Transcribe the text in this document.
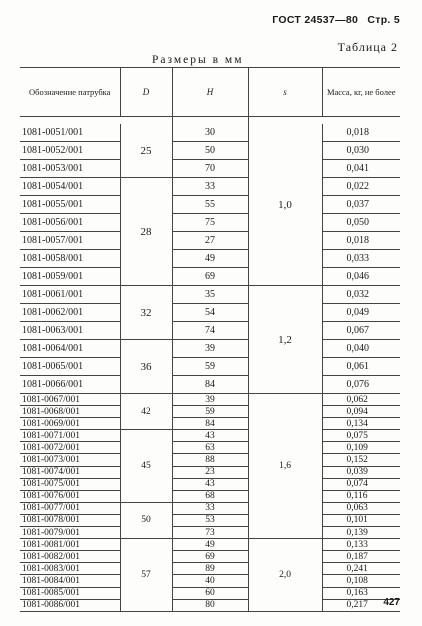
ГОСТ 24537—80 Стр. 5
Таблица 2
Размеры в мм
Обозначение патрубка	D	H	s	Масса, кг, не более

1081-0051/001	25	30	1,0	0,018
1081-0052/001		50		0,030
1081-0053/001		70		0,041
1081-0054/001	28	33		0,022
1081-0055/001		55		0,037
1081-0056/001		75		0,050
1081-0057/001		27		0,018
1081-0058/001		49		0,033
1081-0059/001		69		0,046
1081-0061/001	32	35	1,2	0,032
1081-0062/001		54		0,049
1081-0063/001		74		0,067
1081-0064/001	36	39		0,040
1081-0065/001		59		0,061
1081-0066/001		84		0,076
1081-0067/001	42	39	1,6	0,062
1081-0068/001		59		0,094
1081-0069/001		84		0,134
1081-0071/001	45	43		0,075
1081-0072/001		63		0,109
1081-0073/001		88		0,152
1081-0074/001		23		0,039
1081-0075/001		43		0,074
1081-0076/001		68		0,116
1081-0077/001	50	33		0,063
1081-0078/001		53		0,101
1081-0079/001		73		0,139
1081-0081/001	57	49	2,0	0,133
1081-0082/001		69		0,187
1081-0083/001		89		0,241
1081-0084/001		40		0,108
1081-0085/001		60		0,163
1081-0086/001		80		0,217 427
